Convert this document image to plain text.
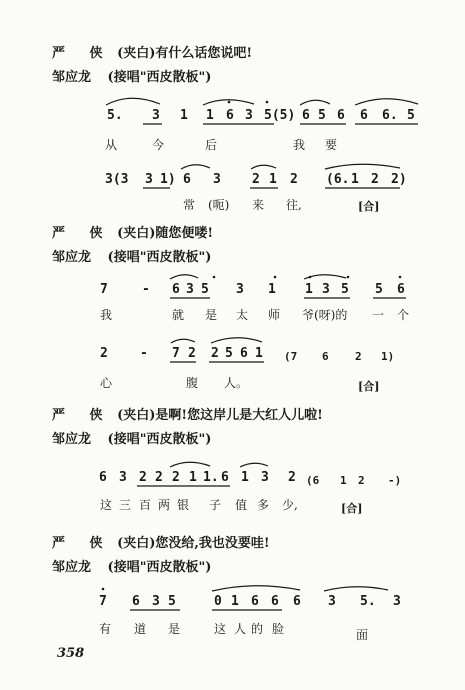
严 侠 (夹白)有什么话您说吧!
邹应龙 (接唱"西皮散板")
严 侠 (夹白)随您便喽!
邹应龙 (接唱"西皮散板")
严 侠 (夹白)是啊!您这岸儿是大红人儿啦!
邹应龙 (接唱"西皮散板")
严 侠 (夹白)您没给,我也没要哇!
邹应龙 (接唱"西皮散板")
5. 3 1 1 6 3 5(5) 6 5 6 6 6. 5
从	今	后	我 要
3(3 3 1) 6 3 2 1 2 (6. 1 2 2)
常 (呃) 来 往,	[合]
7	- 6 3 5 3 1 1 3 5 5 6
我	就 是 太 师 爷(呀)的 一 个
2 - 7 2 2 5 6 1 (7 6 2 1)
心	腹 人。	[合]
6 3 2 2 2 1 1. 6 1 3 2 (6 1 2 -)
这 三 百 两 银 子 值 多 少,	[合]
7 6 3 5	0 1 6 6 6 3 5. 3
有 道 是	这 人 的 脸	面
358
